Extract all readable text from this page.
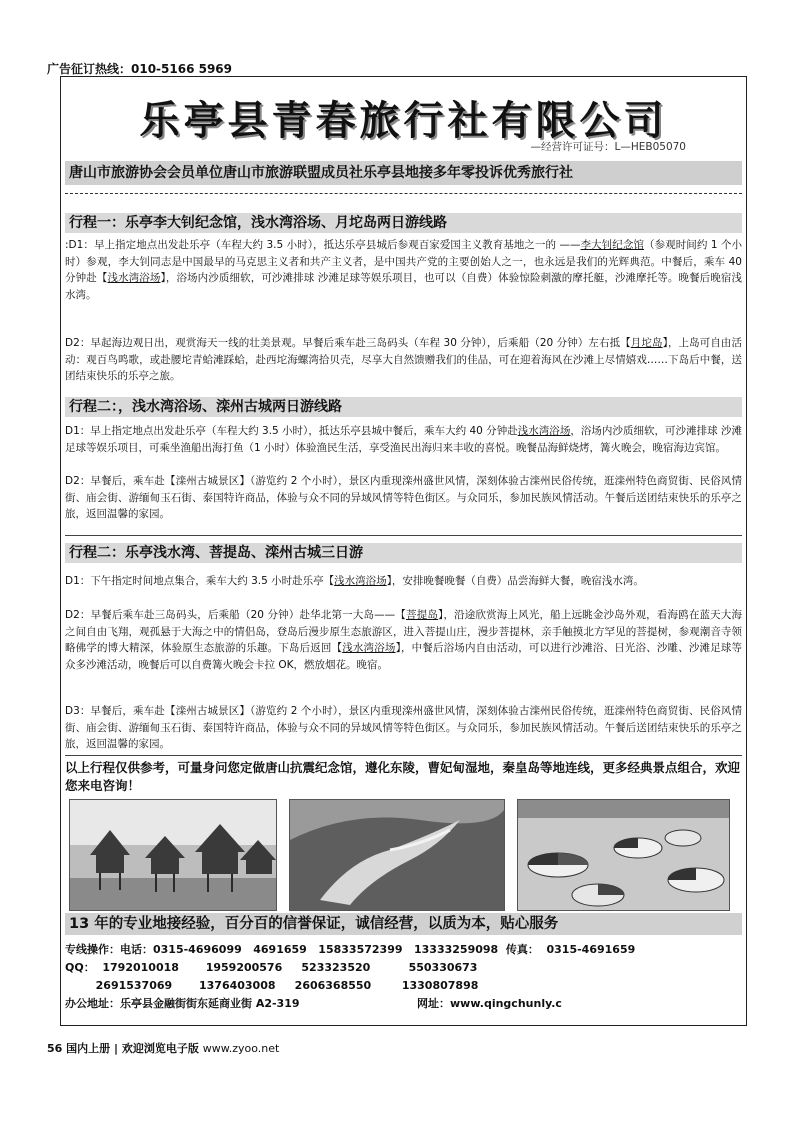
广告征订热线：010-5166 5969
乐亭县青春旅行社有限公司
—经营许可证号：L—HEB05070
唐山市旅游协会会员单位唐山市旅游联盟成员社乐亭县地接多年零投诉优秀旅行社
行程一：乐亭李大钊纪念馆，浅水湾浴场、月坨岛两日游线路

:D1：早上指定地点出发赴乐亭（车程大约 3.5 小时），抵达乐亭县城后参观百家爱国主义教育基地之一的 ——李大钊纪念馆（参观时间约 1 个小时）参观，李大钊同志是中国最早的马克思主义者和共产主义者，是中国共产党的主要创始人之一，也永远是我们的光辉典范。中餐后，乘车 40 分钟赴【浅水湾浴场】，浴场内沙质细软，可沙滩排球 沙滩足球等娱乐项目，也可以（自费）体验惊险刺激的摩托艇，沙滩摩托等。晚餐后晚宿浅水湾。

D2：早起海边观日出，观赏海天一线的壮美景观。早餐后乘车赴三岛码头（车程 30 分钟），后乘船（20 分钟）左右抵【月坨岛】，上岛可自由活动：观百鸟鸣歌，或赴腰坨青蛤滩踩蛤，赴西坨海螺湾拾贝壳，尽享大自然馈赠我们的佳品，可在迎着海风在沙滩上尽情嬉戏……下岛后中餐，送团结束快乐的乐亭之旅。

行程二：，浅水湾浴场、滦州古城两日游线路

D1：早上指定地点出发赴乐亭（车程大约 3.5 小时），抵达乐亭县城中餐后，乘车大约 40 分钟赴浅水湾浴场，浴场内沙质细软，可沙滩排球 沙滩足球等娱乐项目，可乘坐渔船出海打鱼（1 小时）体验渔民生活，享受渔民出海归来丰收的喜悦。晚餐品海鲜烧烤，篝火晚会，晚宿海边宾馆。

D2：早餐后，乘车赴【滦州古城景区】（游览约 2 个小时），景区内重现滦州盛世风情，深刻体验古滦州民俗传统，逛滦州特色商贸街、民俗风情街、庙会街、游缅甸玉石街、泰国特许商品，体验与众不同的异域风情等特色街区。与众同乐，参加民族风情活动。午餐后送团结束快乐的乐亭之旅，返回温馨的家园。

行程二：乐亭浅水湾、菩提岛、滦州古城三日游

D1：下午指定时间地点集合，乘车大约 3.5 小时赴乐亭【浅水湾浴场】，安排晚餐晚餐（自费）品尝海鲜大餐，晚宿浅水湾。

D2：早餐后乘车赴三岛码头，后乘船（20 分钟）赴华北第一大岛——【菩提岛】，沿途欣赏海上风光，船上远眺金沙岛外观，看海鸥在蓝天大海之间自由飞翔，观孤悬于大海之中的情侣岛，登岛后漫步原生态旅游区，进入菩提山庄，漫步菩提林，亲手触摸北方罕见的菩提树，参观潮音寺领略佛学的博大精深，体验原生态旅游的乐趣。下岛后返回【浅水湾浴场】，中餐后浴场内自由活动，可以进行沙滩浴、日光浴、沙雕、沙滩足球等众多沙滩活动，晚餐后可以自费篝火晚会卡拉 OK，燃放烟花。晚宿。

D3：早餐后，乘车赴【滦州古城景区】（游览约 2 个小时），景区内重现滦州盛世风情，深刻体验古滦州民俗传统，逛滦州特色商贸街、民俗风情街、庙会街、游缅甸玉石街、泰国特许商品，体验与众不同的异域风情等特色街区。与众同乐，参加民族风情活动。午餐后送团结束快乐的乐亭之旅，返回温馨的家园。

以上行程仅供参考，可量身问您定做唐山抗震纪念馆，遵化东陵，曹妃甸湿地，秦皇岛等地连线，更多经典景点组合，欢迎您来电咨询！
13 年的专业地接经验，百分百的信誉保证，诚信经营，以质为本，贴心服务
专线操作：电话：0315-4696099   4691659   15833572399   13333259098  传真：  0315-4691659
QQ：  1792010018       1959200576     523323520          550330673
2691537069       1376403008     2606368550        1330807898
办公地址：乐亭县金融街街东延商业街 A2-319	网址：www.qingchunly.c
56 国内上册 | 欢迎浏览电子版 www.zyoo.net
